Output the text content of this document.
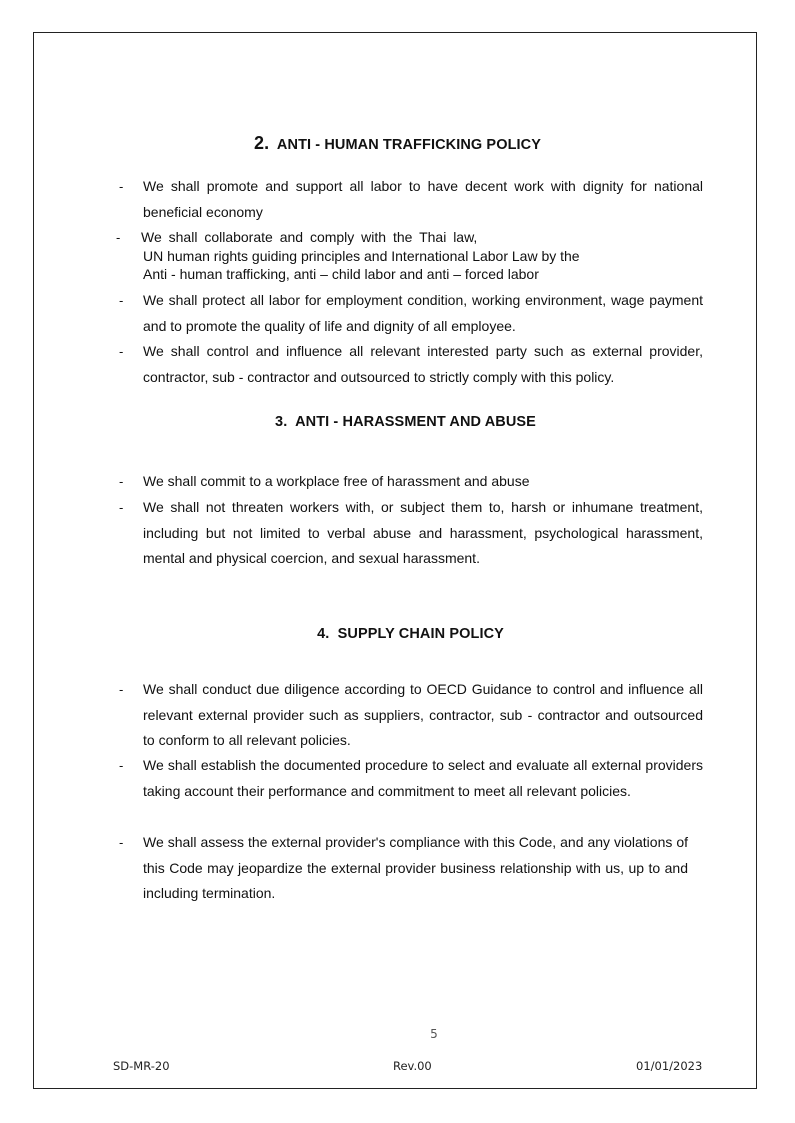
2. ANTI - HUMAN TRAFFICKING POLICY
- We shall promote and support all labor to have decent work with dignity for national beneficial economy
- We shall collaborate and comply with the Thai law,
UN human rights guiding principles and International Labor Law by the
Anti - human trafficking, anti – child labor and anti – forced labor
- We shall protect all labor for employment condition, working environment, wage payment and to promote the quality of life and dignity of all employee.
- We shall control and influence all relevant interested party such as external provider, contractor, sub - contractor and outsourced to strictly comply with this policy.
3. ANTI - HARASSMENT AND ABUSE
- We shall commit to a workplace free of harassment and abuse
- We shall not threaten workers with, or subject them to, harsh or inhumane treatment, including but not limited to verbal abuse and harassment, psychological harassment, mental and physical coercion, and sexual harassment.
4. SUPPLY CHAIN POLICY
- We shall conduct due diligence according to OECD Guidance to control and influence all relevant external provider such as suppliers, contractor, sub - contractor and outsourced to conform to all relevant policies.
- We shall establish the documented procedure to select and evaluate all external providers taking account their performance and commitment to meet all relevant policies.
- We shall assess the external provider's compliance with this Code, and any violations of this Code may jeopardize the external provider business relationship with us, up to and including termination.
5
SD-MR-20	Rev.00	01/01/2023
